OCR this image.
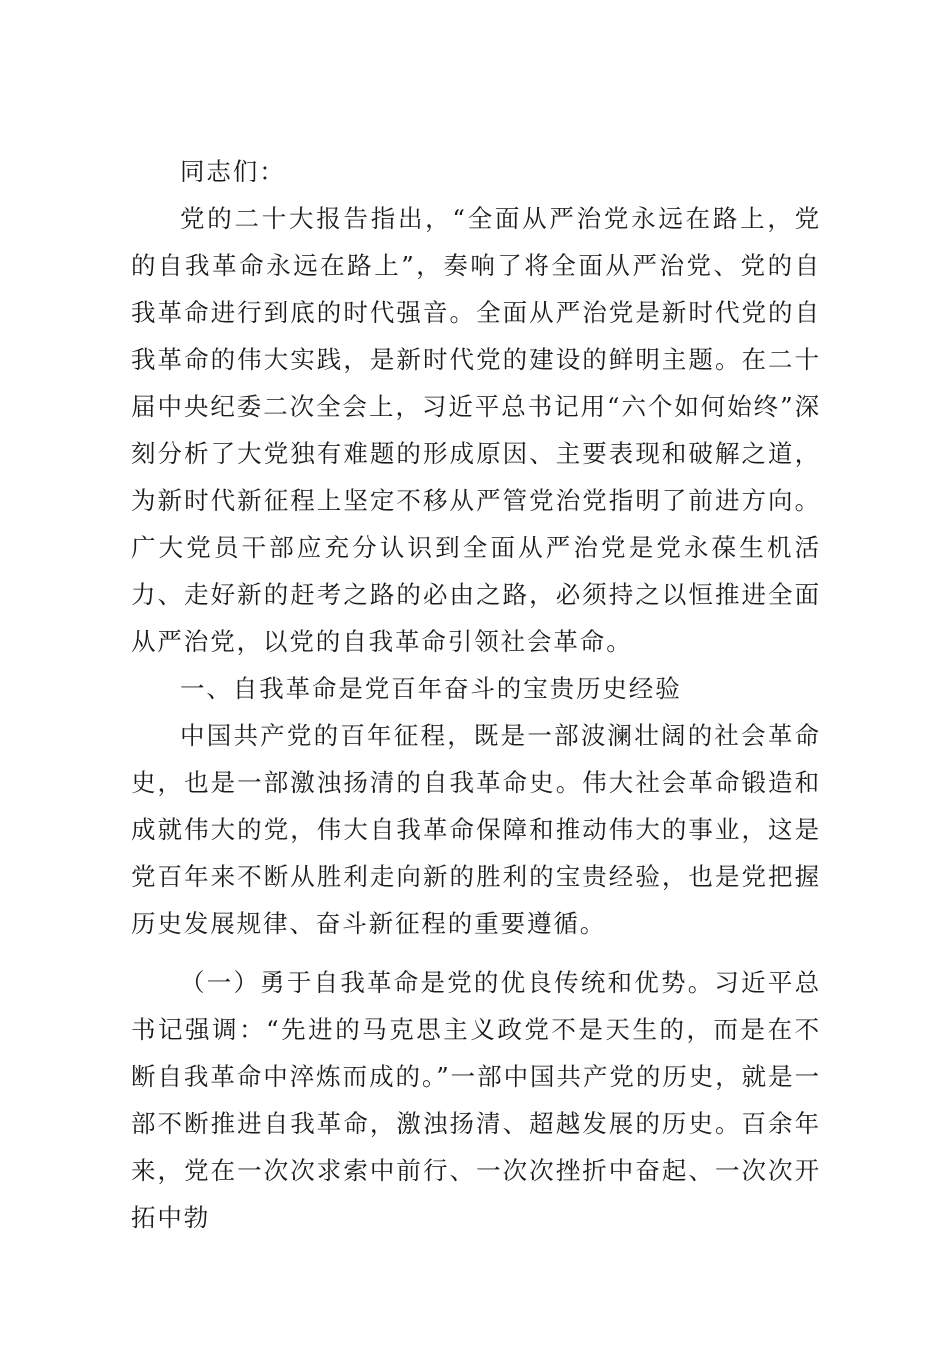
同志们：

党的二十大报告指出，“全面从严治党永远在路上，党的自我革命永远在路上”，奏响了将全面从严治党、党的自我革命进行到底的时代强音。全面从严治党是新时代党的自我革命的伟大实践，是新时代党的建设的鲜明主题。在二十届中央纪委二次全会上，习近平总书记用“六个如何始终”深刻分析了大党独有难题的形成原因、主要表现和破解之道，为新时代新征程上坚定不移从严管党治党指明了前进方向。广大党员干部应充分认识到全面从严治党是党永葆生机活力、走好新的赶考之路的必由之路，必须持之以恒推进全面从严治党，以党的自我革命引领社会革命。

一、自我革命是党百年奋斗的宝贵历史经验

中国共产党的百年征程，既是一部波澜壮阔的社会革命史，也是一部激浊扬清的自我革命史。伟大社会革命锻造和成就伟大的党，伟大自我革命保障和推动伟大的事业，这是党百年来不断从胜利走向新的胜利的宝贵经验，也是党把握历史发展规律、奋斗新征程的重要遵循。

（一）勇于自我革命是党的优良传统和优势。习近平总书记强调：“先进的马克思主义政党不是天生的，而是在不断自我革命中淬炼而成的。”一部中国共产党的历史，就是一部不断推进自我革命，激浊扬清、超越发展的历史。百余年来，党在一次次求索中前行、一次次挫折中奋起、一次次开拓中勃
